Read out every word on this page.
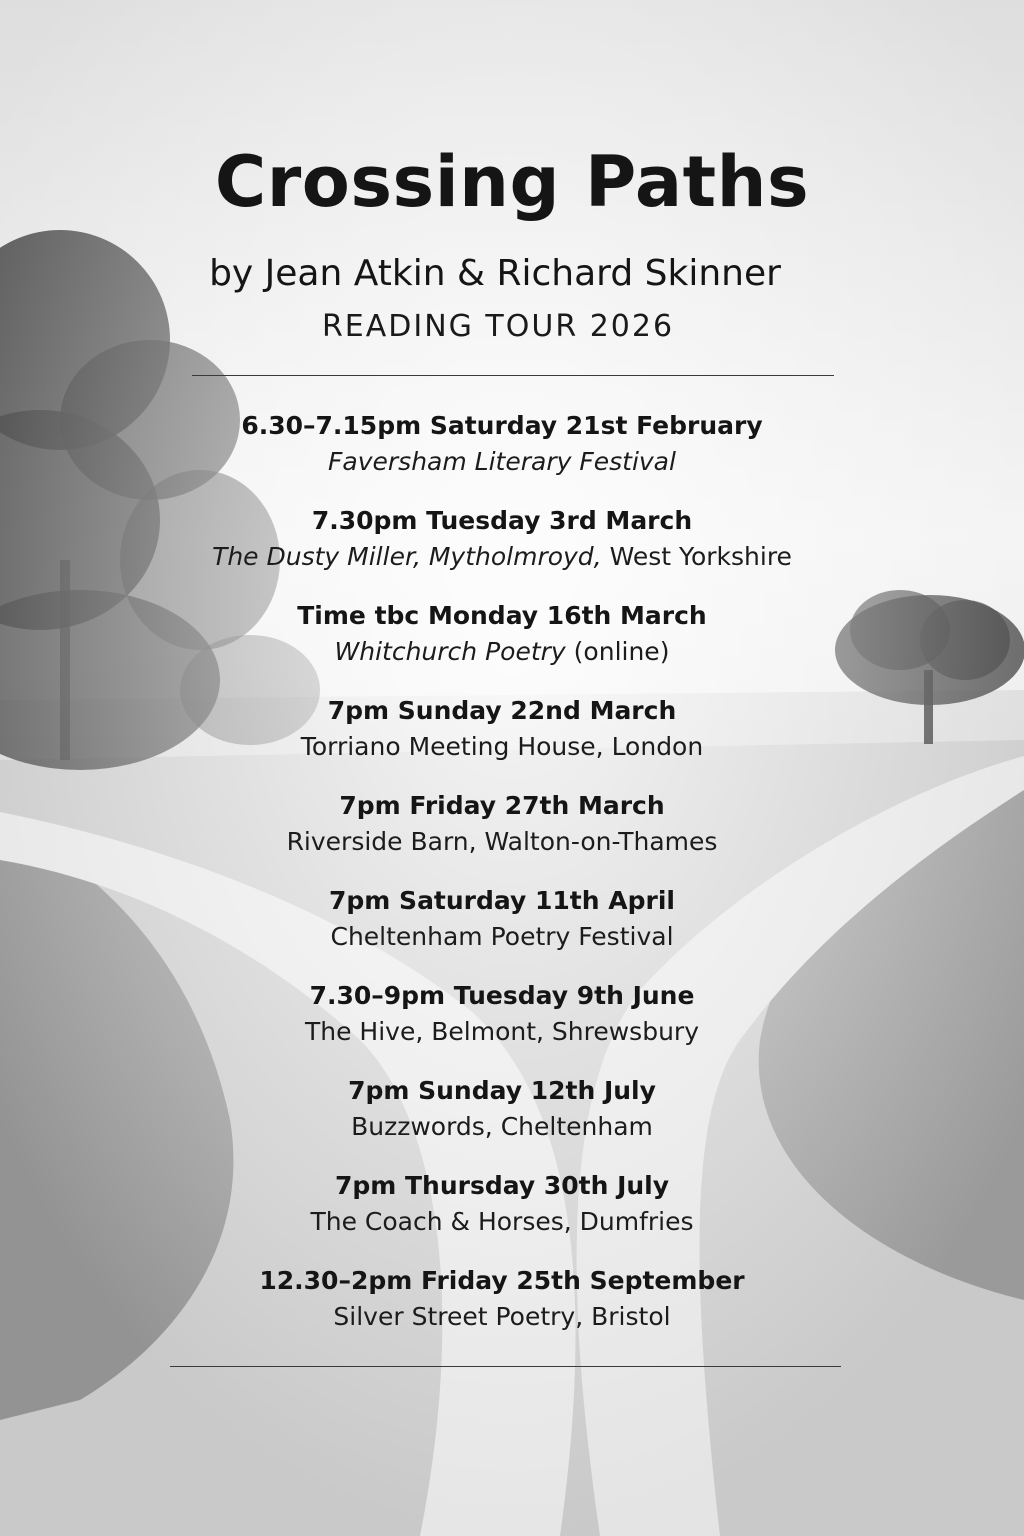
Crossing Paths
by Jean Atkin & Richard Skinner
READING TOUR 2026
6.30–7.15pm Saturday 21st February
Faversham Literary Festival
7.30pm Tuesday 3rd March
The Dusty Miller, Mytholmroyd, West Yorkshire
Time tbc Monday 16th March
Whitchurch Poetry (online)
7pm Sunday 22nd March
Torriano Meeting House, London
7pm Friday 27th March
Riverside Barn, Walton-on-Thames
7pm Saturday 11th April
Cheltenham Poetry Festival
7.30–9pm Tuesday 9th June
The Hive, Belmont, Shrewsbury
7pm Sunday 12th July
Buzzwords, Cheltenham
7pm Thursday 30th July
The Coach & Horses, Dumfries
12.30–2pm Friday 25th September
Silver Street Poetry, Bristol
